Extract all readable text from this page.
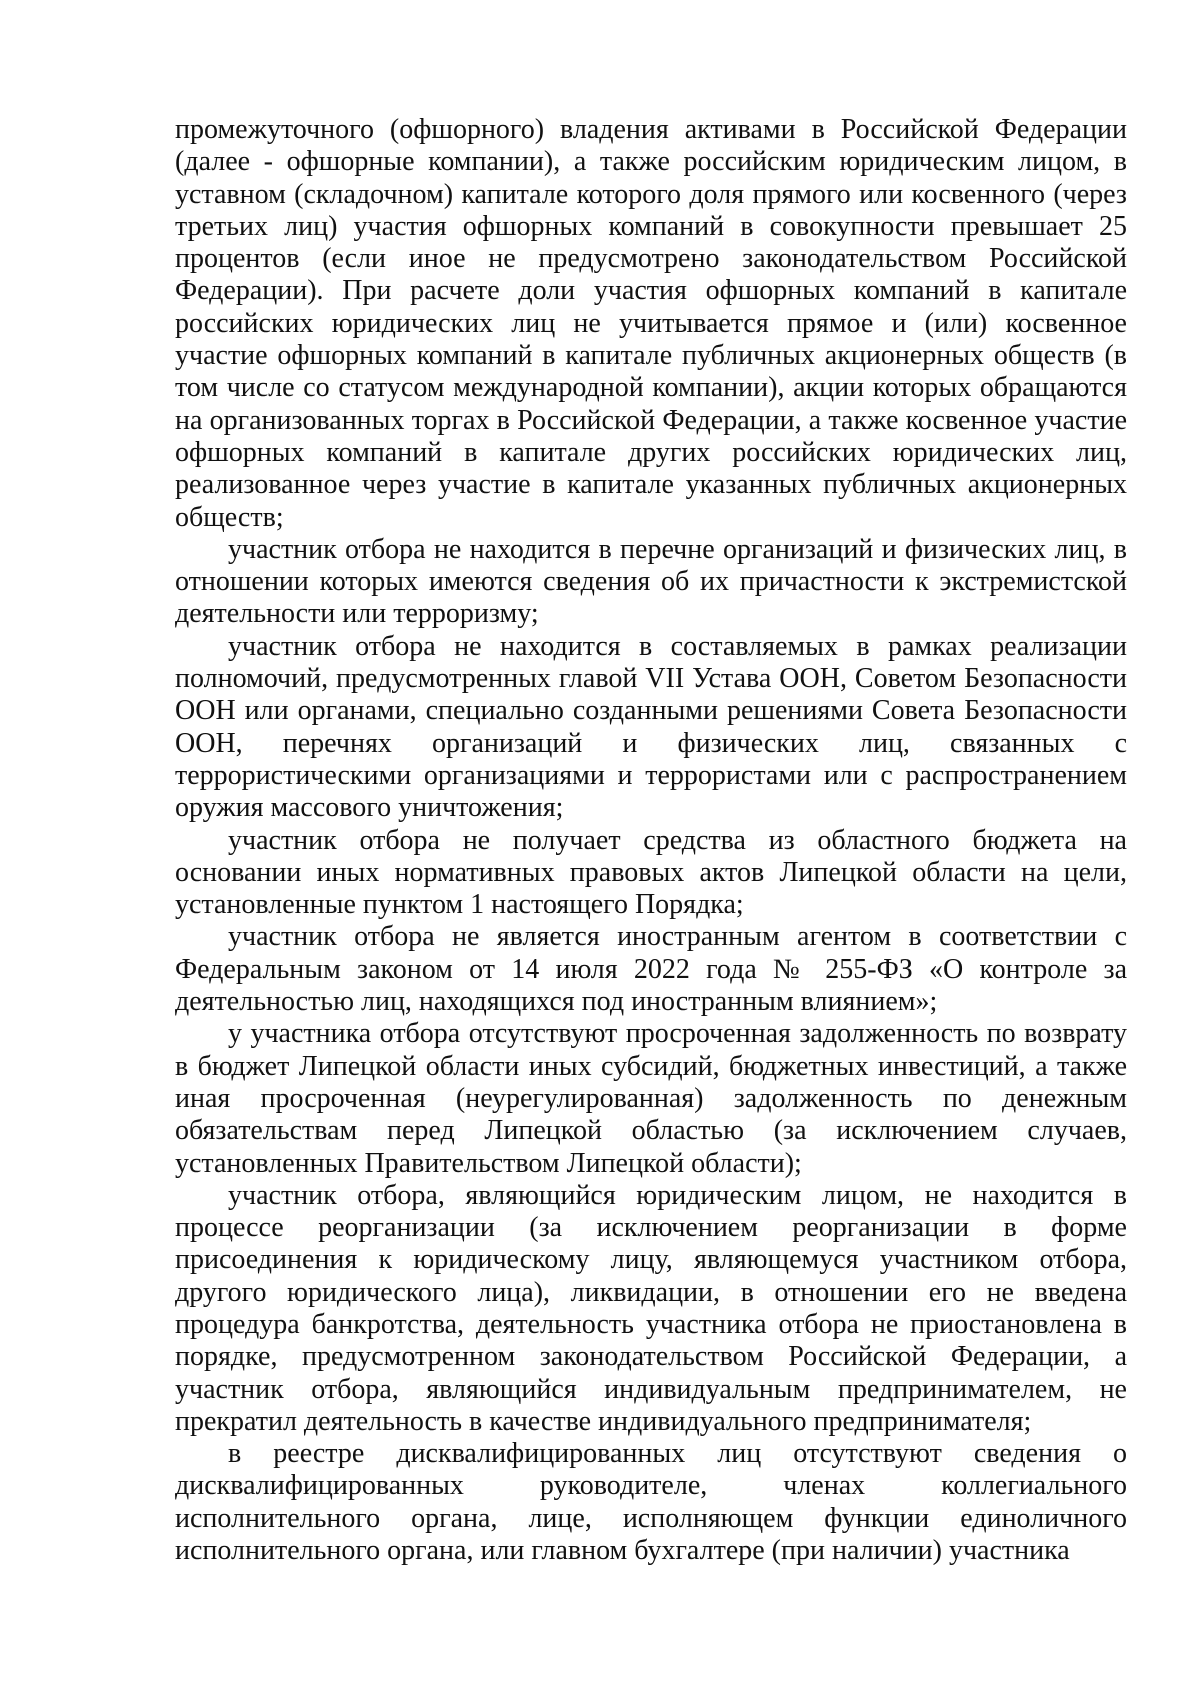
промежуточного (офшорного) владения активами в Российской Федерации (далее - офшорные компании), а также российским юридическим лицом, в уставном (складочном) капитале которого доля прямого или косвенного (через третьих лиц) участия офшорных компаний в совокупности превышает 25 процентов (если иное не предусмотрено законодательством Российской Федерации). При расчете доли участия офшорных компаний в капитале российских юридических лиц не учитывается прямое и (или) косвенное участие офшорных компаний в капитале публичных акционерных обществ (в том числе со статусом международной компании), акции которых обращаются на организованных торгах в Российской Федерации, а также косвенное участие офшорных компаний в капитале других российских юридических лиц, реализованное через участие в капитале указанных публичных акционерных обществ;

участник отбора не находится в перечне организаций и физических лиц, в отношении которых имеются сведения об их причастности к экстремистской деятельности или терроризму;

участник отбора не находится в составляемых в рамках реализации полномочий, предусмотренных главой VII Устава ООН, Советом Безопасности ООН или органами, специально созданными решениями Совета Безопасности ООН, перечнях организаций и физических лиц, связанных с террористическими организациями и террористами или с распространением оружия массового уничтожения;

участник отбора не получает средства из областного бюджета на основании иных нормативных правовых актов Липецкой области на цели, установленные пунктом 1 настоящего Порядка;

участник отбора не является иностранным агентом в соответствии с Федеральным законом от 14 июля 2022 года № 255-ФЗ «О контроле за деятельностью лиц, находящихся под иностранным влиянием»;

у участника отбора отсутствуют просроченная задолженность по возврату в бюджет Липецкой области иных субсидий, бюджетных инвестиций, а также иная просроченная (неурегулированная) задолженность по денежным обязательствам перед Липецкой областью (за исключением случаев, установленных Правительством Липецкой области);

участник отбора, являющийся юридическим лицом, не находится в процессе реорганизации (за исключением реорганизации в форме присоединения к юридическому лицу, являющемуся участником отбора, другого юридического лица), ликвидации, в отношении его не введена процедура банкротства, деятельность участника отбора не приостановлена в порядке, предусмотренном законодательством Российской Федерации, а участник отбора, являющийся индивидуальным предпринимателем, не прекратил деятельность в качестве индивидуального предпринимателя;

в реестре дисквалифицированных лиц отсутствуют сведения о дисквалифицированных руководителе, членах коллегиального исполнительного органа, лице, исполняющем функции единоличного исполнительного органа, или главном бухгалтере (при наличии) участника
